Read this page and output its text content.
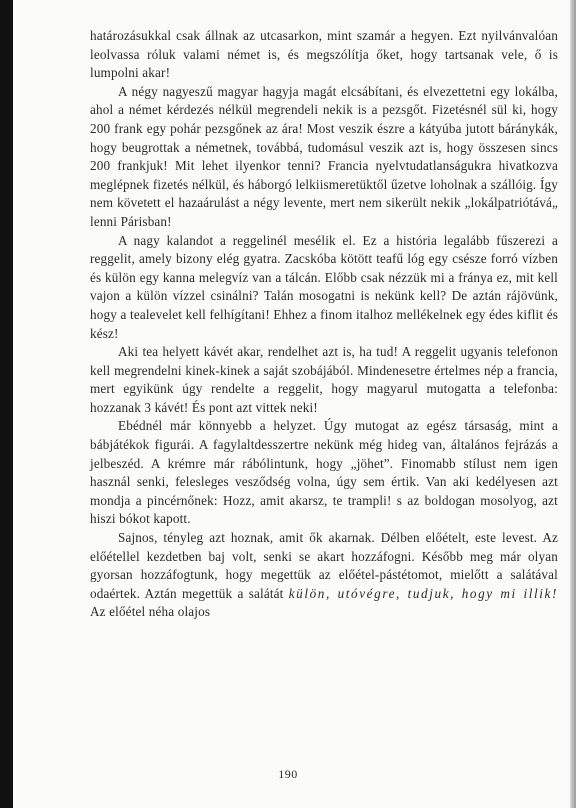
határozásukkal csak állnak az utcasarkon, mint szamár a hegyen. Ezt nyilvánvalóan leolvassa róluk valami német is, és megszólítja őket, hogy tartsanak vele, ő is lumpolni akar!

A négy nagyeszű magyar hagyja magát elcsábítani, és elvezettetni egy lokálba, ahol a német kérdezés nélkül megrendeli nekik is a pezsgőt. Fizetésnél sül ki, hogy 200 frank egy pohár pezsgőnek az ára! Most veszik észre a kátyúba jutott báránykák, hogy beugrottak a németnek, továbbá, tudomásul veszik azt is, hogy összesen sincs 200 frankjuk! Mit lehet ilyenkor tenni? Francia nyelvtudatlanságukra hivatkozva meglépnek fizetés nélkül, és háborgó lelkiismeretüktől űzetve loholnak a szállóig. Így nem követett el hazaárulást a négy levente, mert nem sikerült nekik „lokálpatriótává„ lenni Párisban!

A nagy kalandot a reggelinél mesélik el. Ez a história legalább fűszerezi a reggelit, amely bizony elég gyatra. Zacskóba kötött teafű lóg egy csésze forró vízben és külön egy kanna melegvíz van a tálcán. Előbb csak nézzük mi a fránya ez, mit kell vajon a külön vízzel csinálni? Talán mosogatni is nekünk kell? De aztán rájövünk, hogy a tealevelet kell felhígítani! Ehhez a finom italhoz mellékelnek egy édes kiflit és kész!

Aki tea helyett kávét akar, rendelhet azt is, ha tud! A reggelit ugyanis telefonon kell megrendelni kinek-kinek a saját szobájából. Mindenesetre értelmes nép a francia, mert egyikünk úgy rendelte a reggelit, hogy magyarul mutogatta a telefonba: hozzanak 3 kávét! És pont azt vittek neki!

Ebédnél már könnyebb a helyzet. Úgy mutogat az egész társaság, mint a bábjátékok figurái. A fagylaltdesszertre nekünk még hideg van, általános fejrázás a jelbeszéd. A krémre már rábólintunk, hogy „jöhet”. Finomabb stílust nem igen használ senki, felesleges vesződség volna, úgy sem értik. Van aki kedélyesen azt mondja a pincérnőnek: Hozz, amit akarsz, te trampli! s az boldogan mosolyog, azt hiszi bókot kapott.

Sajnos, tényleg azt hoznak, amit ők akarnak. Délben előételt, este levest. Az előétellel kezdetben baj volt, senki se akart hozzáfogni. Később meg már olyan gyorsan hozzáfogtunk, hogy megettük az előétel-pástétomot, mielőtt a salátával odaértek. Aztán megettük a salátát külön, utóvégre, tudjuk, hogy mi illik! Az előétel néha olajos

190
